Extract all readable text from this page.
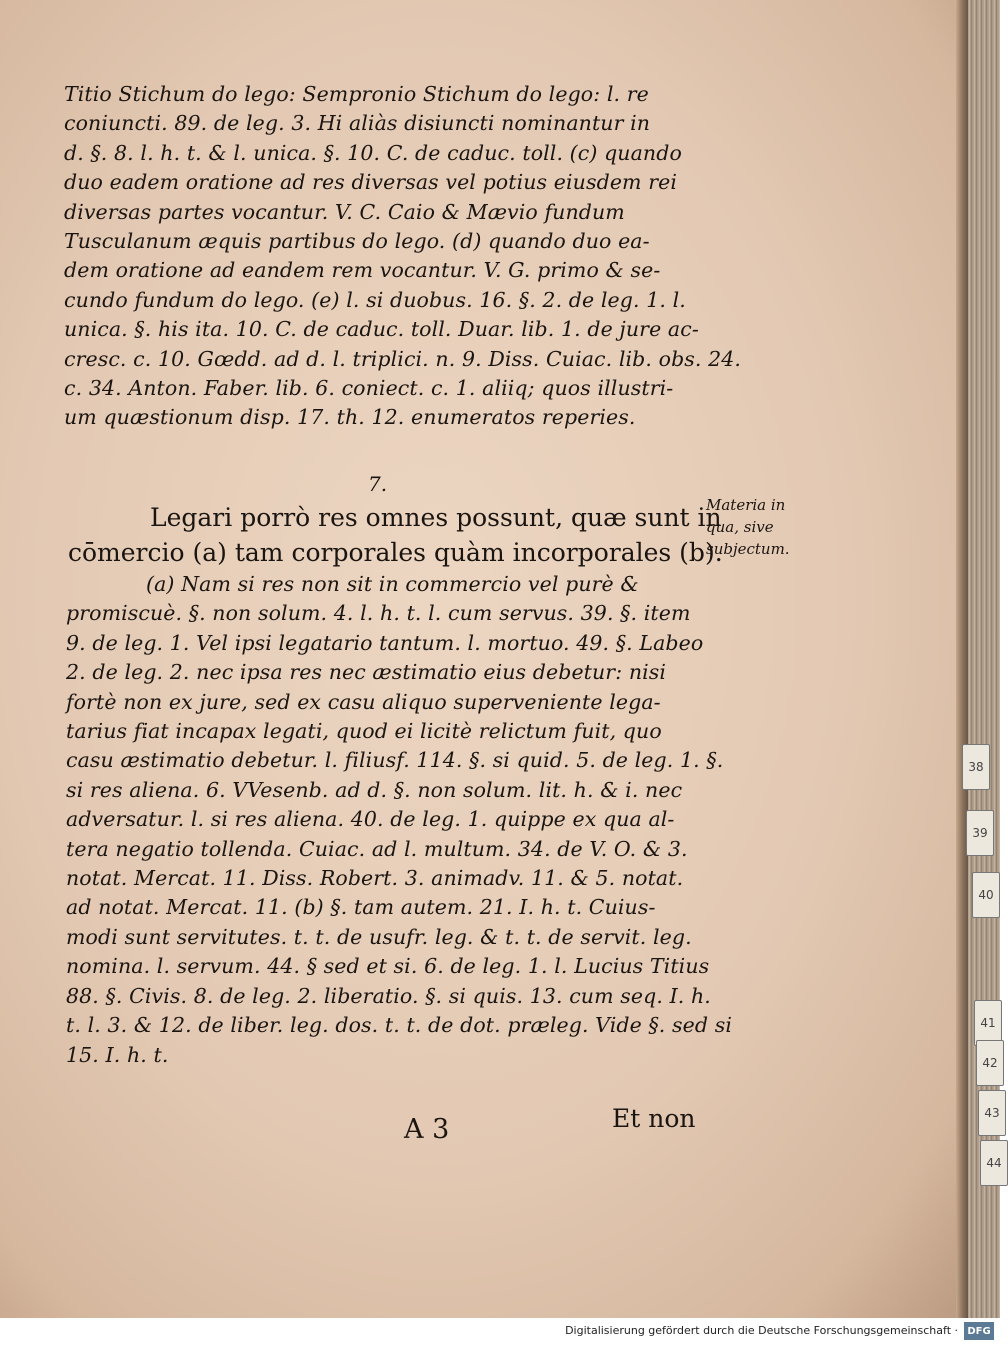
Titio Stichum do lego: Sempronio Stichum do lego: l. re
coniuncti. 89. de leg. 3. Hi aliàs disiuncti nominantur in
d. §. 8. l. h. t. & l. unica. §. 10. C. de caduc. toll. (c) quando
duo eadem oratione ad res diversas vel potius eiusdem rei
diversas partes vocantur. V. C. Caio & Mævio fundum
Tusculanum æquis partibus do lego. (d) quando duo ea-
dem oratione ad eandem rem vocantur. V. G. primo & se-
cundo fundum do lego. (e) l. si duobus. 16. §. 2. de leg. 1. l.
unica. §. his ita. 10. C. de caduc. toll. Duar. lib. 1. de jure ac-
cresc. c. 10. Gœdd. ad d. l. triplici. n. 9. Diss. Cuiac. lib. obs. 24.
c. 34. Anton. Faber. lib. 6. coniect. c. 1. aliiq; quos illustri-
um quæstionum disp. 17. th. 12. enumeratos reperies.
7.
Legari porrò res omnes possunt, quæ sunt in
cōmercio (a) tam corporales quàm incorporales (b).
Materia in
qua, sive
subjectum.
(a) Nam si res non sit in commercio vel purè &
promiscuè. §. non solum. 4. l. h. t. l. cum servus. 39. §. item
9. de leg. 1. Vel ipsi legatario tantum. l. mortuo. 49. §. Labeo
2. de leg. 2. nec ipsa res nec æstimatio eius debetur: nisi
fortè non ex jure, sed ex casu aliquo superveniente lega-
tarius fiat incapax legati, quod ei licitè relictum fuit, quo
casu æstimatio debetur. l. filiusf. 114. §. si quid. 5. de leg. 1. §.
si res aliena. 6. VVesenb. ad d. §. non solum. lit. h. & i. nec
adversatur. l. si res aliena. 40. de leg. 1. quippe ex qua al-
tera negatio tollenda. Cuiac. ad l. multum. 34. de V. O. & 3.
notat. Mercat. 11. Diss. Robert. 3. animadv. 11. & 5. notat.
ad notat. Mercat. 11. (b) §. tam autem. 21. I. h. t. Cuius-
modi sunt servitutes. t. t. de usufr. leg. & t. t. de servit. leg.
nomina. l. servum. 44. § sed et si. 6. de leg. 1. l. Lucius Titius
88. §. Civis. 8. de leg. 2. liberatio. §. si quis. 13. cum seq. I. h.
t. l. 3. & 12. de liber. leg. dos. t. t. de dot. præleg. Vide §. sed si
15. I. h. t.
A 3	Et non
38
39
40
41
42
43
44
Digitalisierung gefördert durch die Deutsche Forschungsgemeinschaft · DFG
